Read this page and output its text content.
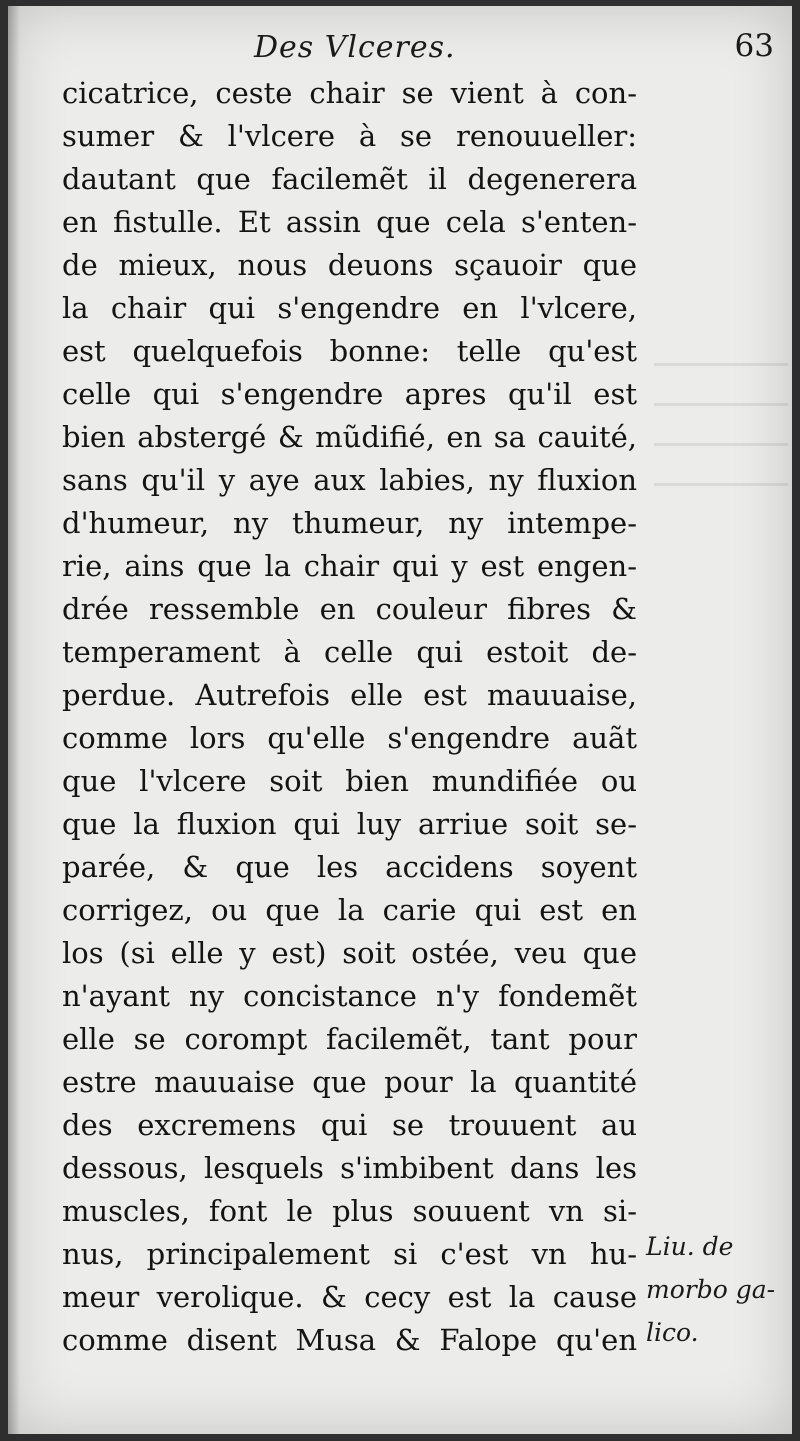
Des Vlceres.	63
cicatrice, ceste chair se vient à con-
sumer & l'vlcere à se renouueller:
dautant que facilemẽt il degenerera
en fistulle. Et assin que cela s'enten-
de mieux, nous deuons sçauoir que
la chair qui s'engendre en l'vlcere,
est quelquefois bonne: telle qu'est
celle qui s'engendre apres qu'il est
bien abstergé & mũdifié, en sa cauité,
sans qu'il y aye aux labies, ny fluxion
d'humeur, ny thumeur, ny intempe-
rie, ains que la chair qui y est engen-
drée ressemble en couleur fibres &
temperament à celle qui estoit de-
perdue. Autrefois elle est mauuaise,
comme lors qu'elle s'engendre auãt
que l'vlcere soit bien mundifiée ou
que la fluxion qui luy arriue soit se-
parée, & que les accidens soyent
corrigez, ou que la carie qui est en
los (si elle y est) soit ostée, veu que
n'ayant ny concistance n'y fondemẽt
elle se corompt facilemẽt, tant pour
estre mauuaise que pour la quantité
des excremens qui se trouuent au
dessous, lesquels s'imbibent dans les
muscles, font le plus souuent vn si-
nus, principalement si c'est vn hu-
meur verolique. & cecy est la cause
comme disent Musa & Falope qu'en
Liu. de
morbo ga-
lico.
